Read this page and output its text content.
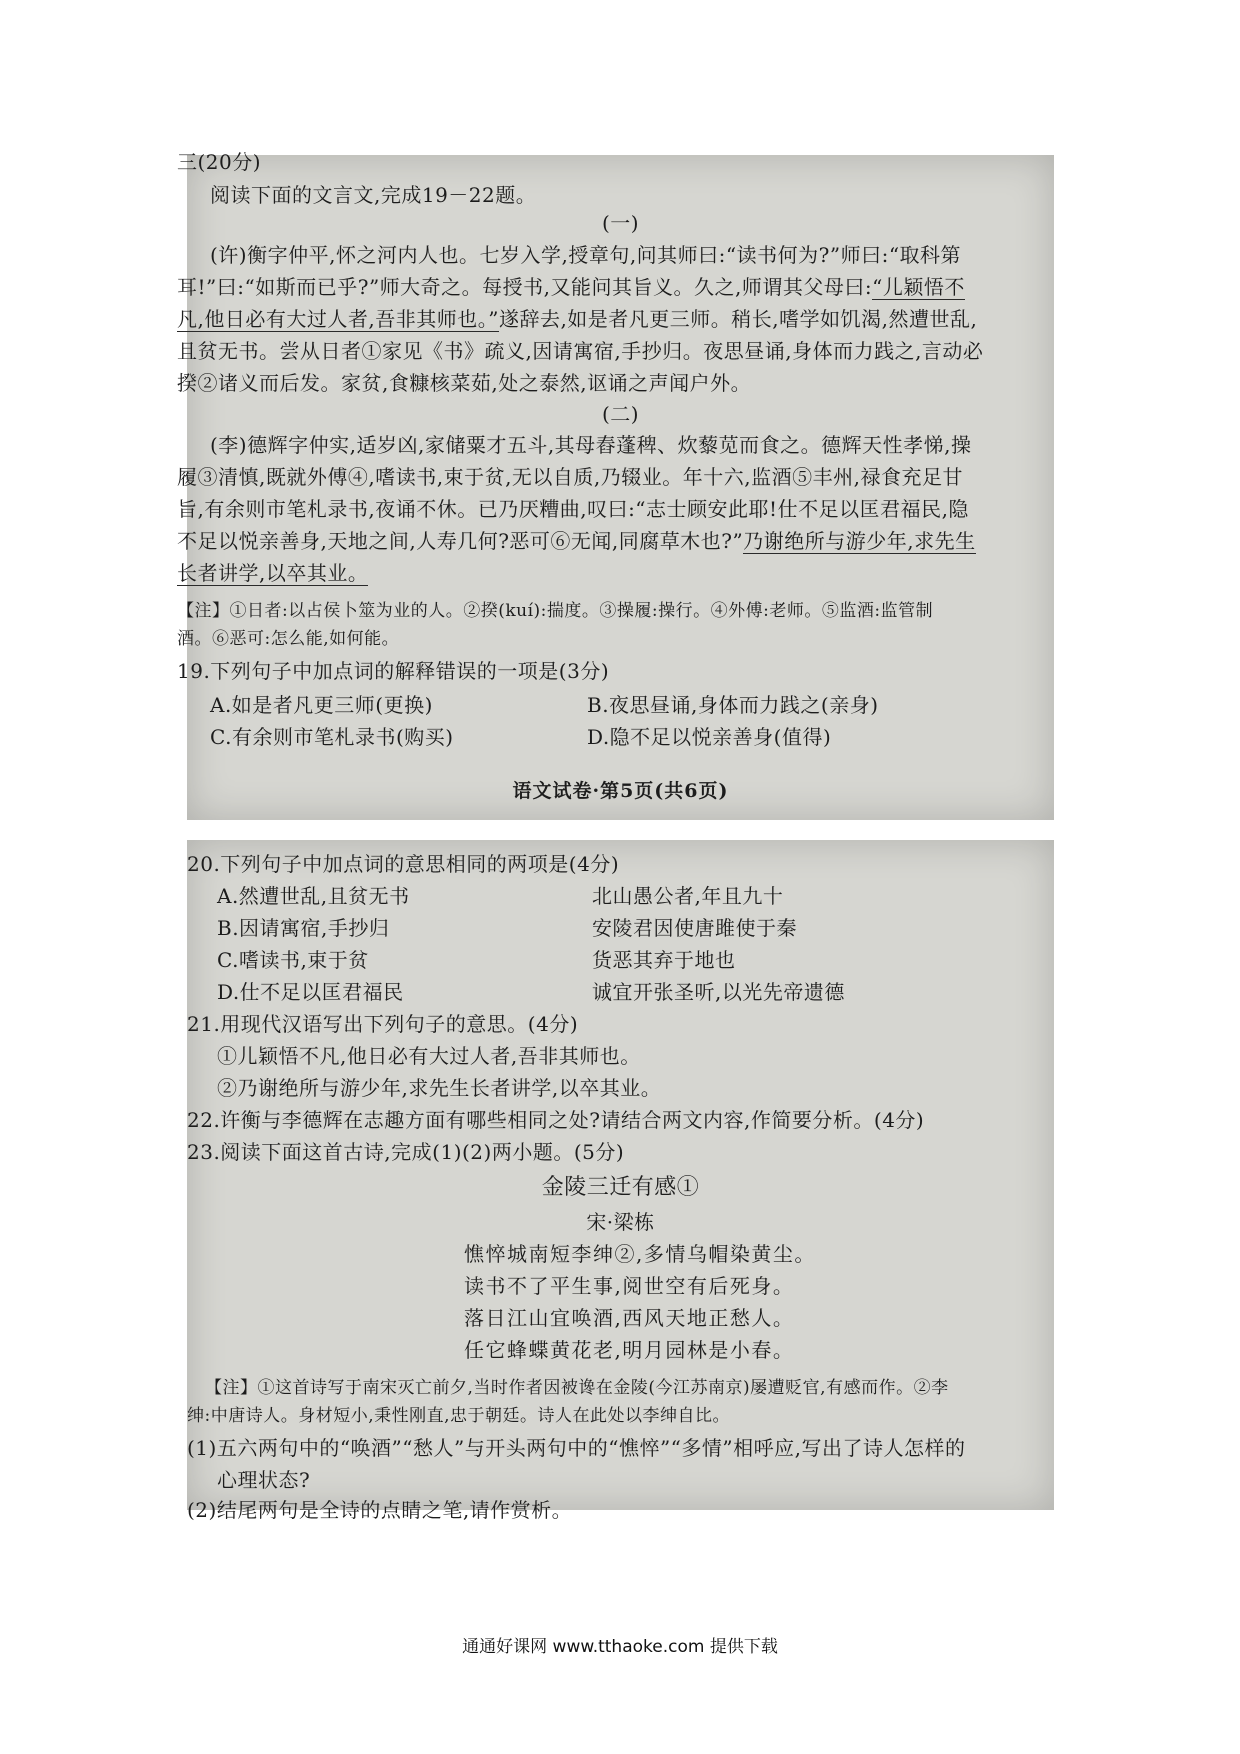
三(20分)
阅读下面的文言文,完成19－22题。
(一)
(许)衡字仲平,怀之河内人也。七岁入学,授章句,问其师曰:“读书何为?”师曰:“取科第
耳!”曰:“如斯而已乎?”师大奇之。每授书,又能问其旨义。久之,师谓其父母曰:“儿颖悟不
凡,他日必有大过人者,吾非其师也。”遂辞去,如是者凡更三师。稍长,嗜学如饥渴,然遭世乱,
且贫无书。尝从日者①家见《书》疏义,因请寓宿,手抄归。夜思昼诵,身体而力践之,言动必
揆②诸义而后发。家贫,食糠核菜茹,处之泰然,讴诵之声闻户外。
(二)
(李)德辉字仲实,适岁凶,家储粟才五斗,其母舂蓬稗、炊藜苋而食之。德辉天性孝悌,操
履③清慎,既就外傅④,嗜读书,束于贫,无以自质,乃辍业。年十六,监酒⑤丰州,禄食充足甘
旨,有余则市笔札录书,夜诵不休。已乃厌糟曲,叹曰:“志士顾安此耶!仕不足以匡君福民,隐
不足以悦亲善身,天地之间,人寿几何?恶可⑥无闻,同腐草木也?”乃谢绝所与游少年,求先生
长者讲学,以卒其业。
【注】①日者:以占侯卜筮为业的人。②揆(kuí):揣度。③操履:操行。④外傅:老师。⑤监酒:监管制
酒。⑥恶可:怎么能,如何能。
19.下列句子中加点词的解释错误的一项是(3分)
A.如是者凡更三师(更换)	B.夜思昼诵,身体而力践之(亲身)
C.有余则市笔札录书(购买)	D.隐不足以悦亲善身(值得)
语文试卷·第5页(共6页)
20.下列句子中加点词的意思相同的两项是(4分)
A.然遭世乱,且贫无书	北山愚公者,年且九十
B.因请寓宿,手抄归	安陵君因使唐雎使于秦
C.嗜读书,束于贫	货恶其弃于地也
D.仕不足以匡君福民	诚宜开张圣听,以光先帝遗德
21.用现代汉语写出下列句子的意思。(4分)
①儿颖悟不凡,他日必有大过人者,吾非其师也。
②乃谢绝所与游少年,求先生长者讲学,以卒其业。
22.许衡与李德辉在志趣方面有哪些相同之处?请结合两文内容,作简要分析。(4分)
23.阅读下面这首古诗,完成(1)(2)两小题。(5分)
金陵三迁有感①
宋·梁栋
憔悴城南短李绅②,多情乌帽染黄尘。
读书不了平生事,阅世空有后死身。
落日江山宜唤酒,西风天地正愁人。
任它蜂蝶黄花老,明月园林是小春。
【注】①这首诗写于南宋灭亡前夕,当时作者因被谗在金陵(今江苏南京)屡遭贬官,有感而作。②李
绅:中唐诗人。身材短小,秉性刚直,忠于朝廷。诗人在此处以李绅自比。
(1)五六两句中的“唤酒”“愁人”与开头两句中的“憔悴”“多情”相呼应,写出了诗人怎样的
心理状态?
(2)结尾两句是全诗的点睛之笔,请作赏析。
通通好课网 www.tthaoke.com 提供下载
